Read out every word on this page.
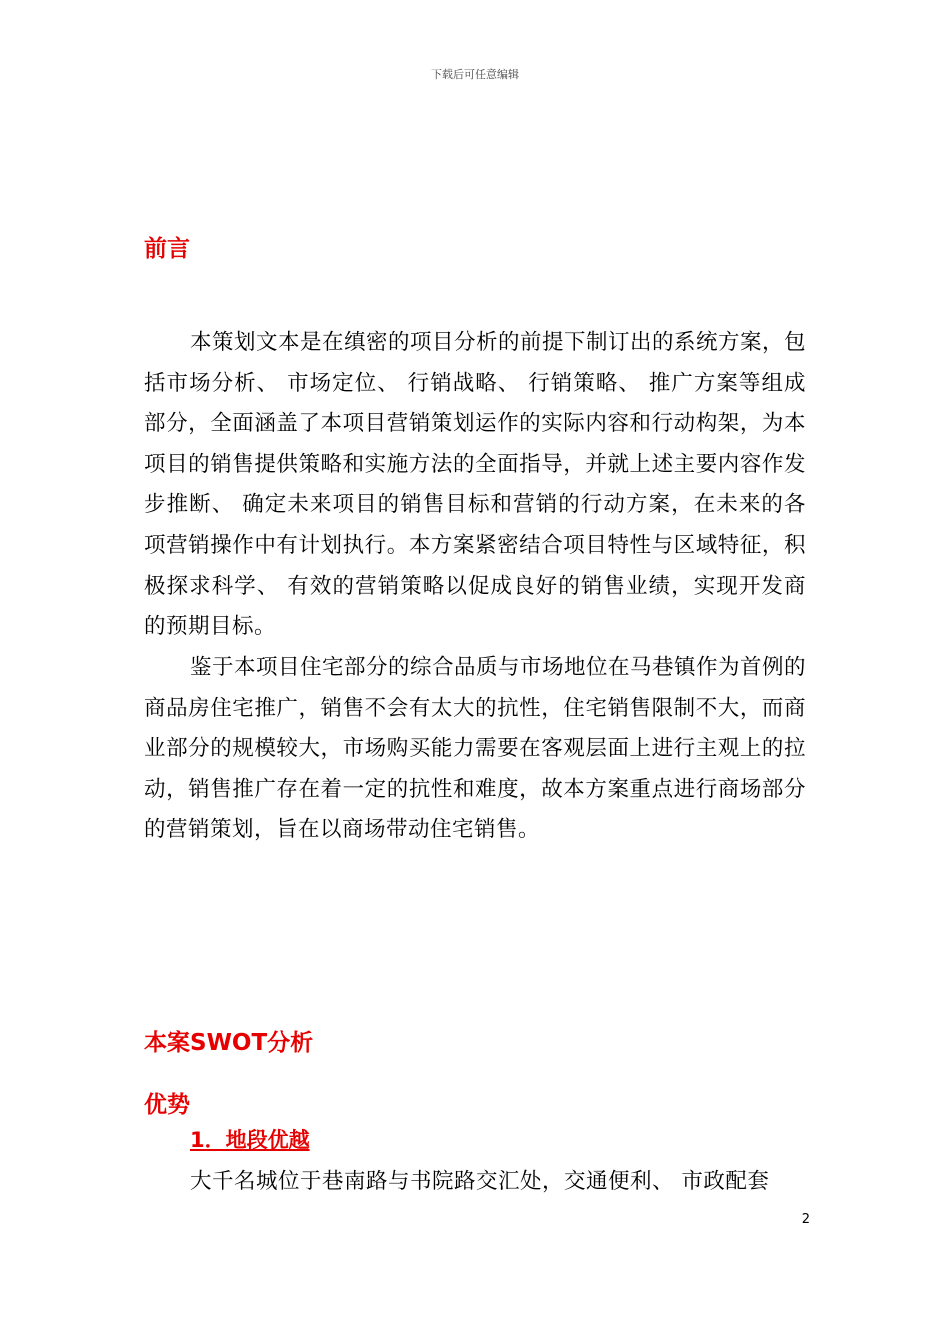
下载后可任意编辑
前言

本策划文本是在缜密的项目分析的前提下制订出的系统方案，包括市场分析、 市场定位、 行销战略、 行销策略、 推广方案等组成部分，全面涵盖了本项目营销策划运作的实际内容和行动构架，为本项目的销售提供策略和实施方法的全面指导，并就上述主要内容作发步推断、 确定未来项目的销售目标和营销的行动方案，在未来的各项营销操作中有计划执行。本方案紧密结合项目特性与区域特征，积极探求科学、 有效的营销策略以促成良好的销售业绩，实现开发商的预期目标。

鉴于本项目住宅部分的综合品质与市场地位在马巷镇作为首例的商品房住宅推广，销售不会有太大的抗性，住宅销售限制不大，而商业部分的规模较大，市场购买能力需要在客观层面上进行主观上的拉动，销售推广存在着一定的抗性和难度，故本方案重点进行商场部分的营销策划，旨在以商场带动住宅销售。

本案SWOT分析
优势
1．地段优越

大千名城位于巷南路与书院路交汇处，交通便利、 市政配套

2
